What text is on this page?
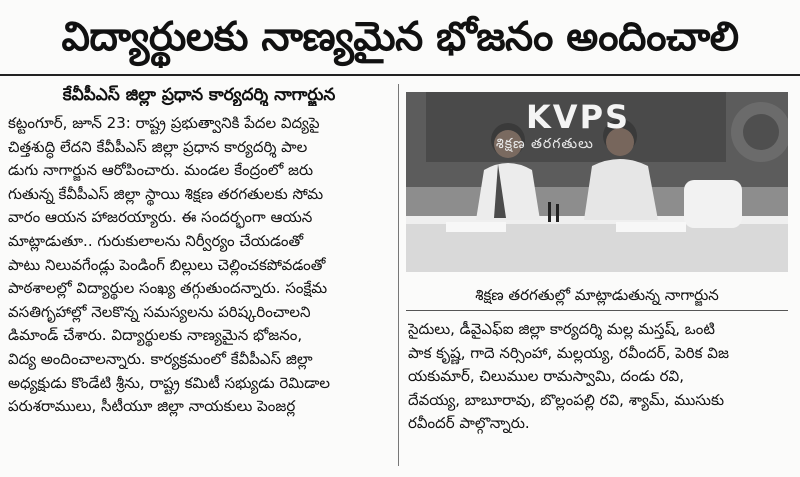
విద్యార్థులకు నాణ్యమైన భోజనం అందించాలి
కేవీపీఎస్ జిల్లా ప్రధాన కార్యదర్శి నాగార్జున
కట్టంగూర్, జూన్ 23: రాష్ట్ర ప్రభుత్వానికి పేదల విద్యపై
చిత్తశుద్ధి లేదని కేవీపీఎస్ జిల్లా ప్రధాన కార్యదర్శి పాల
డుగు నాగార్జున ఆరోపించారు. మండల కేంద్రంలో జరు
గుతున్న కేవీపీఎస్ జిల్లా స్థాయి శిక్షణ తరగతులకు సోమ
వారం ఆయన హాజరయ్యారు. ఈ సందర్భంగా ఆయన
మాట్లాడుతూ.. గురుకులాలను నిర్వీర్యం చేయడంతో
పాటు నిలువగేండ్లు పెండింగ్ బిల్లులు చెల్లించకపోవడంతో
పాఠశాలల్లో విద్యార్థుల సంఖ్య తగ్గుతుందన్నారు. సంక్షేమ
వసతిగృహాల్లో నెలకొన్న సమస్యలను పరిష్కరించాలని
డిమాండ్ చేశారు. విద్యార్థులకు నాణ్యమైన భోజనం,
విద్య అందించాలన్నారు. కార్యక్రమంలో కేవీపీఎస్ జిల్లా
అధ్యక్షుడు కొండేటి శ్రీను, రాష్ట్ర కమిటీ సభ్యుడు రెమిడాల
పరుశరాములు, సీటీయూ జిల్లా నాయకులు పెంజర్ల
KVPS
శిక్షణ తరగతులు
శిక్షణ తరగతుల్లో మాట్లాడుతున్న నాగార్జున
సైదులు, డీవైఎఫ్ఐ జిల్లా కార్యదర్శి మల్ల మస్తష్, ఒంటి
పాక కృష్ణ, గాదె నర్సింహా, మల్లయ్య, రవీందర్, పెరిక విజ
యకుమార్, చిలుముల రామస్వామి, దండు రవి,
దేవయ్య, బాబూరావు, బొల్లంపల్లి రవి, శ్యామ్, ముసుకు
రవీందర్ పాల్గొన్నారు.
